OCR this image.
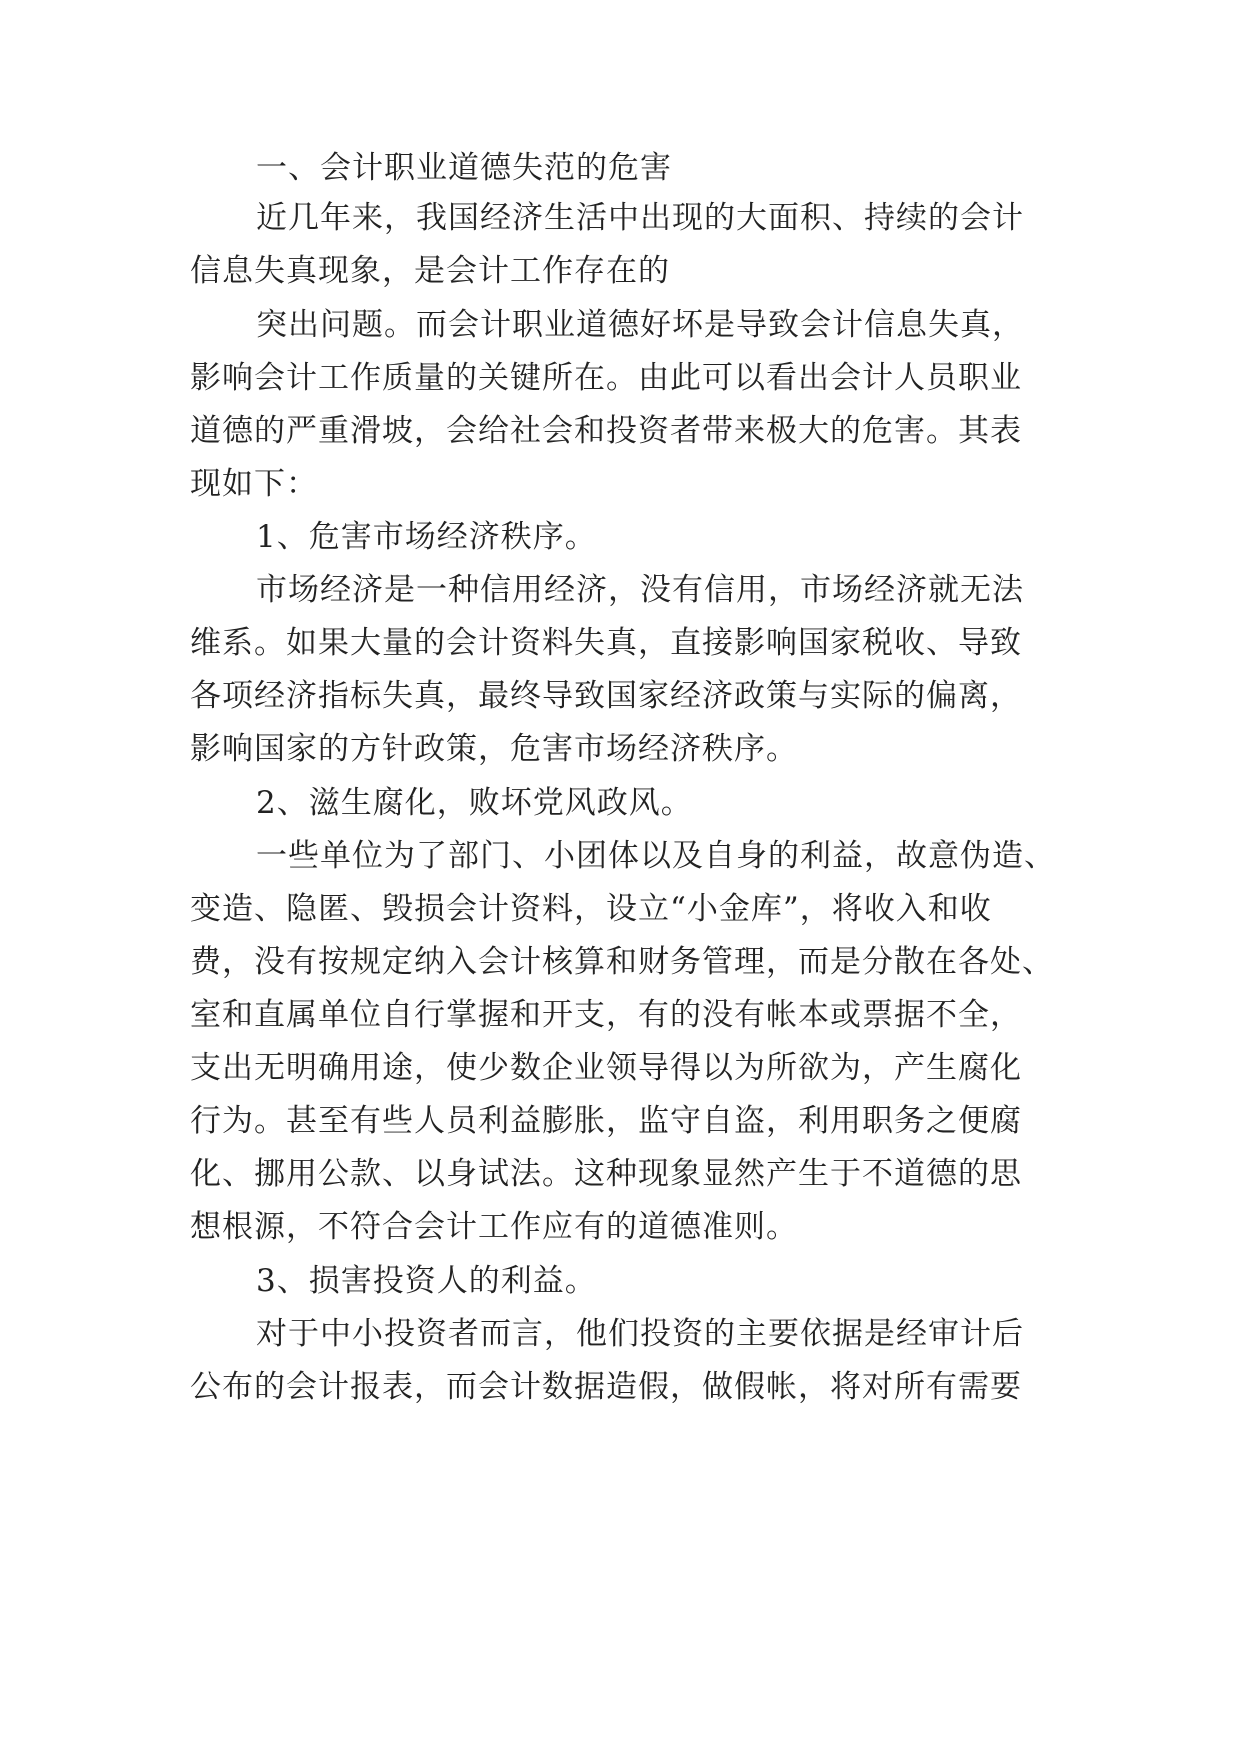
一、会计职业道德失范的危害
近几年来，我国经济生活中出现的大面积、持续的会计
信息失真现象，是会计工作存在的
突出问题。而会计职业道德好坏是导致会计信息失真，
影响会计工作质量的关键所在。由此可以看出会计人员职业
道德的严重滑坡，会给社会和投资者带来极大的危害。其表
现如下：
1、危害市场经济秩序。
市场经济是一种信用经济，没有信用，市场经济就无法
维系。如果大量的会计资料失真，直接影响国家税收、导致
各项经济指标失真，最终导致国家经济政策与实际的偏离，
影响国家的方针政策，危害市场经济秩序。
2、滋生腐化，败坏党风政风。
一些单位为了部门、小团体以及自身的利益，故意伪造、
变造、隐匿、毁损会计资料，设立“小金库”，将收入和收
费，没有按规定纳入会计核算和财务管理，而是分散在各处、
室和直属单位自行掌握和开支，有的没有帐本或票据不全，
支出无明确用途，使少数企业领导得以为所欲为，产生腐化
行为。甚至有些人员利益膨胀，监守自盗，利用职务之便腐
化、挪用公款、以身试法。这种现象显然产生于不道德的思
想根源，不符合会计工作应有的道德准则。
3、损害投资人的利益。
对于中小投资者而言，他们投资的主要依据是经审计后
公布的会计报表，而会计数据造假，做假帐，将对所有需要
